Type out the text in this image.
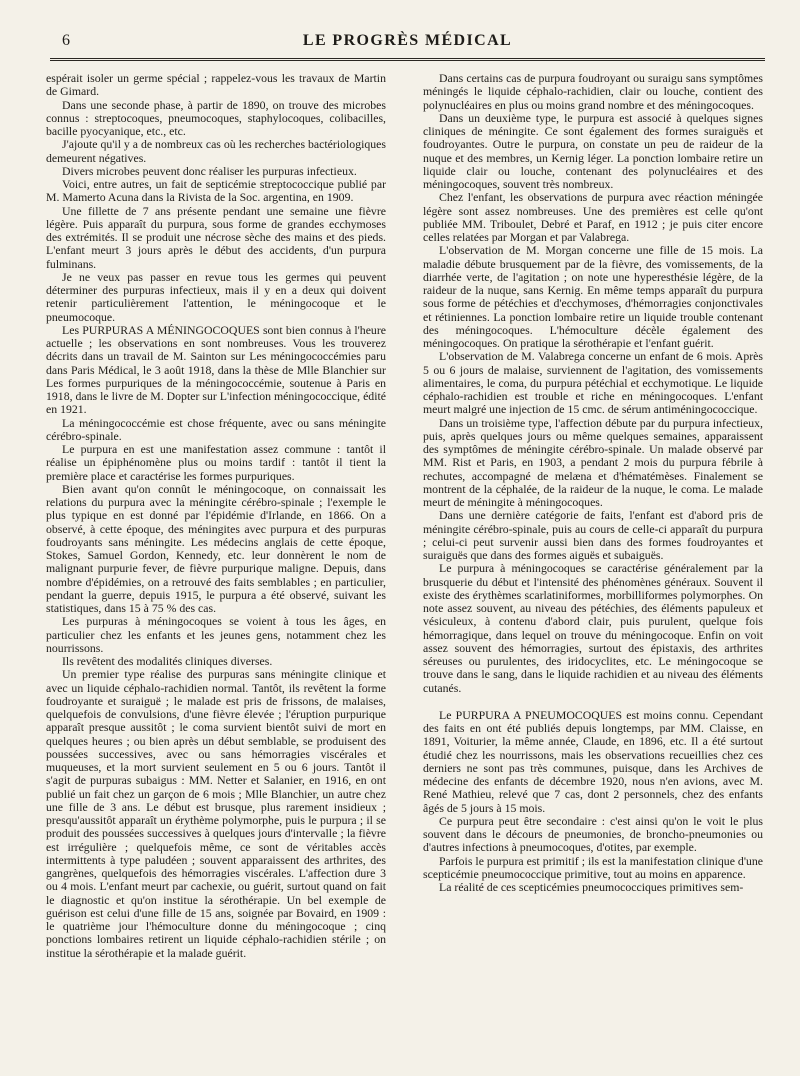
6	LE PROGRÈS MÉDICAL

espérait isoler un germe spécial ; rappelez-vous les travaux de Martin de Gimard.

Dans une seconde phase, à partir de 1890, on trouve des microbes connus : streptocoques, pneumocoques, staphylocoques, colibacilles, bacille pyocyanique, etc., etc.

J'ajoute qu'il y a de nombreux cas où les recherches bactériologiques demeurent négatives.

Divers microbes peuvent donc réaliser les purpuras infectieux.

Voici, entre autres, un fait de septicémie streptococcique publié par M. Mamerto Acuna dans la Rivista de la Soc. argentina, en 1909.

Une fillette de 7 ans présente pendant une semaine une fièvre légère. Puis apparaît du purpura, sous forme de grandes ecchymoses des extrémités. Il se produit une nécrose sèche des mains et des pieds. L'enfant meurt 3 jours après le début des accidents, d'un purpura fulminans.

Je ne veux pas passer en revue tous les germes qui peuvent déterminer des purpuras infectieux, mais il y en a deux qui doivent retenir particulièrement l'attention, le méningocoque et le pneumocoque.

Les PURPURAS A MÉNINGOCOQUES sont bien connus à l'heure actuelle ; les observations en sont nombreuses. Vous les trouverez décrits dans un travail de M. Sainton sur Les méningococcémies paru dans Paris Médical, le 3 août 1918, dans la thèse de Mlle Blanchier sur Les formes purpuriques de la méningococcémie, soutenue à Paris en 1918, dans le livre de M. Dopter sur L'infection méningococcique, édité en 1921.

La méningococcémie est chose fréquente, avec ou sans méningite cérébro-spinale.

Le purpura en est une manifestation assez commune : tantôt il réalise un épiphénomène plus ou moins tardif : tantôt il tient la première place et caractérise les formes purpuriques.

Bien avant qu'on connût le méningocoque, on connaissait les relations du purpura avec la méningite cérébro-spinale ; l'exemple le plus typique en est donné par l'épidémie d'Irlande, en 1866. On a observé, à cette époque, des méningites avec purpura et des purpuras foudroyants sans méningite. Les médecins anglais de cette époque, Stokes, Samuel Gordon, Kennedy, etc. leur donnèrent le nom de malignant purpurie fever, de fièvre purpurique maligne. Depuis, dans nombre d'épidémies, on a retrouvé des faits semblables ; en particulier, pendant la guerre, depuis 1915, le purpura a été observé, suivant les statistiques, dans 15 à 75 % des cas.

Les purpuras à méningocoques se voient à tous les âges, en particulier chez les enfants et les jeunes gens, notamment chez les nourrissons.

Ils revêtent des modalités cliniques diverses.

Un premier type réalise des purpuras sans méningite clinique et avec un liquide céphalo-rachidien normal. Tantôt, ils revêtent la forme foudroyante et suraiguë ; le malade est pris de frissons, de malaises, quelquefois de convulsions, d'une fièvre élevée ; l'éruption purpurique apparaît presque aussitôt ; le coma survient bientôt suivi de mort en quelques heures ; ou bien après un début semblable, se produisent des poussées successives, avec ou sans hémorragies viscérales et muqueuses, et la mort survient seulement en 5 ou 6 jours. Tantôt il s'agit de purpuras subaigus : MM. Netter et Salanier, en 1916, en ont publié un fait chez un garçon de 6 mois ; Mlle Blanchier, un autre chez une fille de 3 ans. Le début est brusque, plus rarement insidieux ; presqu'aussitôt apparaît un érythème polymorphe, puis le purpura ; il se produit des poussées successives à quelques jours d'intervalle ; la fièvre est irrégulière ; quelquefois même, ce sont de véritables accès intermittents à type paludéen ; souvent apparaissent des arthrites, des gangrènes, quelquefois des hémorragies viscérales. L'affection dure 3 ou 4 mois. L'enfant meurt par cachexie, ou guérit, surtout quand on fait le diagnostic et qu'on institue la sérothérapie. Un bel exemple de guérison est celui d'une fille de 15 ans, soignée par Bovaird, en 1909 : le quatrième jour l'hémoculture donne du méningocoque ; cinq ponctions lombaires retirent un liquide céphalo-rachidien stérile ; on institue la sérothérapie et la malade guérit.

Dans certains cas de purpura foudroyant ou suraigu sans symptômes méningés le liquide céphalo-rachidien, clair ou louche, contient des polynucléaires en plus ou moins grand nombre et des méningocoques.

Dans un deuxième type, le purpura est associé à quelques signes cliniques de méningite. Ce sont également des formes suraiguës et foudroyantes. Outre le purpura, on constate un peu de raideur de la nuque et des membres, un Kernig léger. La ponction lombaire retire un liquide clair ou louche, contenant des polynucléaires et des méningocoques, souvent très nombreux.

Chez l'enfant, les observations de purpura avec réaction méningée légère sont assez nombreuses. Une des premières est celle qu'ont publiée MM. Triboulet, Debré et Paraf, en 1912 ; je puis citer encore celles relatées par Morgan et par Valabrega.

L'observation de M. Morgan concerne une fille de 15 mois. La maladie débute brusquement par de la fièvre, des vomissements, de la diarrhée verte, de l'agitation ; on note une hyperesthésie légère, de la raideur de la nuque, sans Kernig. En même temps apparaît du purpura sous forme de pétéchies et d'ecchymoses, d'hémorragies conjonctivales et rétiniennes. La ponction lombaire retire un liquide trouble contenant des méningocoques. L'hémoculture décèle également des méningocoques. On pratique la sérothérapie et l'enfant guérit.

L'observation de M. Valabrega concerne un enfant de 6 mois. Après 5 ou 6 jours de malaise, surviennent de l'agitation, des vomissements alimentaires, le coma, du purpura pétéchial et ecchymotique. Le liquide céphalo-rachidien est trouble et riche en méningocoques. L'enfant meurt malgré une injection de 15 cmc. de sérum antiméningococcique.

Dans un troisième type, l'affection débute par du purpura infectieux, puis, après quelques jours ou même quelques semaines, apparaissent des symptômes de méningite cérébro-spinale. Un malade observé par MM. Rist et Paris, en 1903, a pendant 2 mois du purpura fébrile à rechutes, accompagné de melæna et d'hématémèses. Finalement se montrent de la céphalée, de la raideur de la nuque, le coma. Le malade meurt de méningite à méningocoques.

Dans une dernière catégorie de faits, l'enfant est d'abord pris de méningite cérébro-spinale, puis au cours de celle-ci apparaît du purpura ; celui-ci peut survenir aussi bien dans des formes foudroyantes et suraiguës que dans des formes aiguës et subaiguës.

Le purpura à méningocoques se caractérise généralement par la brusquerie du début et l'intensité des phénomènes généraux. Souvent il existe des érythèmes scarlatiniformes, morbilliformes polymorphes. On note assez souvent, au niveau des pétéchies, des éléments papuleux et vésiculeux, à contenu d'abord clair, puis purulent, quelque fois hémorragique, dans lequel on trouve du méningocoque. Enfin on voit assez souvent des hémorragies, surtout des épistaxis, des arthrites séreuses ou purulentes, des iridocyclites, etc. Le méningocoque se trouve dans le sang, dans le liquide rachidien et au niveau des éléments cutanés.

Le PURPURA A PNEUMOCOQUES est moins connu. Cependant des faits en ont été publiés depuis longtemps, par MM. Claisse, en 1891, Voiturier, la même année, Claude, en 1896, etc. Il a été surtout étudié chez les nourrissons, mais les observations recueillies chez ces derniers ne sont pas très communes, puisque, dans les Archives de médecine des enfants de décembre 1920, nous n'en avions, avec M. René Mathieu, relevé que 7 cas, dont 2 personnels, chez des enfants âgés de 5 jours à 15 mois.

Ce purpura peut être secondaire : c'est ainsi qu'on le voit le plus souvent dans le décours de pneumonies, de broncho-pneumonies ou d'autres infections à pneumocoques, d'otites, par exemple.

Parfois le purpura est primitif ; ils est la manifestation clinique d'une scepticémie pneumococcique primitive, tout au moins en apparence.

La réalité de ces scepticémies pneumococciques primitives sem-
